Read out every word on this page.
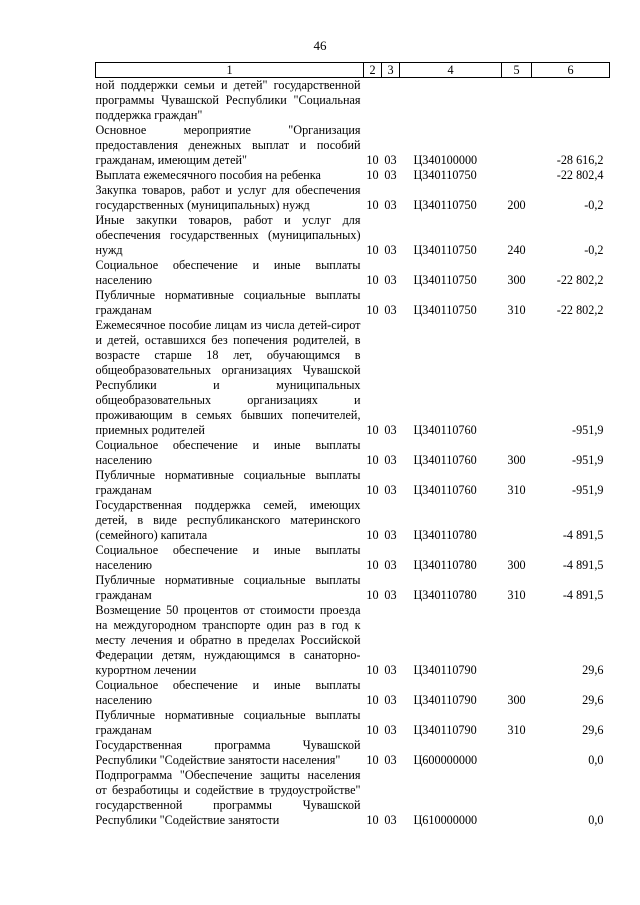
46
1	2	3	4	5	6
ной поддержки семьи и детей" государственной программы Чувашской Республики "Социальная поддержка граждан"					
Основное мероприятие "Организация предоставления денежных выплат и пособий гражданам, имеющим детей"	10	03	Ц340100000		-28 616,2
Выплата ежемесячного пособия на ребенка	10	03	Ц340110750		-22 802,4
Закупка товаров, работ и услуг для обеспечения государственных (муниципальных) нужд	10	03	Ц340110750	200	-0,2
Иные закупки товаров, работ и услуг для обеспечения государственных (муниципальных) нужд	10	03	Ц340110750	240	-0,2
Социальное обеспечение и иные выплаты населению	10	03	Ц340110750	300	-22 802,2
Публичные нормативные социальные выплаты гражданам	10	03	Ц340110750	310	-22 802,2
Ежемесячное пособие лицам из числа детей-сирот и детей, оставшихся без попечения родителей, в возрасте старше 18 лет, обучающимся в общеобразовательных организациях Чувашской Республики и муниципальных общеобразовательных организациях и проживающим в семьях бывших попечителей, приемных родителей	10	03	Ц340110760		-951,9
Социальное обеспечение и иные выплаты населению	10	03	Ц340110760	300	-951,9
Публичные нормативные социальные выплаты гражданам	10	03	Ц340110760	310	-951,9
Государственная поддержка семей, имеющих детей, в виде республиканского материнского (семейного) капитала	10	03	Ц340110780		-4 891,5
Социальное обеспечение и иные выплаты населению	10	03	Ц340110780	300	-4 891,5
Публичные нормативные социальные выплаты гражданам	10	03	Ц340110780	310	-4 891,5
Возмещение 50 процентов от стоимости проезда на междугородном транспорте один раз в год к месту лечения и обратно в пределах Российской Федерации детям, нуждающимся в санаторно-курортном лечении	10	03	Ц340110790		29,6
Социальное обеспечение и иные выплаты населению	10	03	Ц340110790	300	29,6
Публичные нормативные социальные выплаты гражданам	10	03	Ц340110790	310	29,6
Государственная программа Чувашской Республики "Содействие занятости населения"	10	03	Ц600000000		0,0
Подпрограмма "Обеспечение защиты населения от безработицы и содействие в трудоустройстве" государственной программы Чувашской Республики "Содействие занятости	10	03	Ц610000000		0,0
